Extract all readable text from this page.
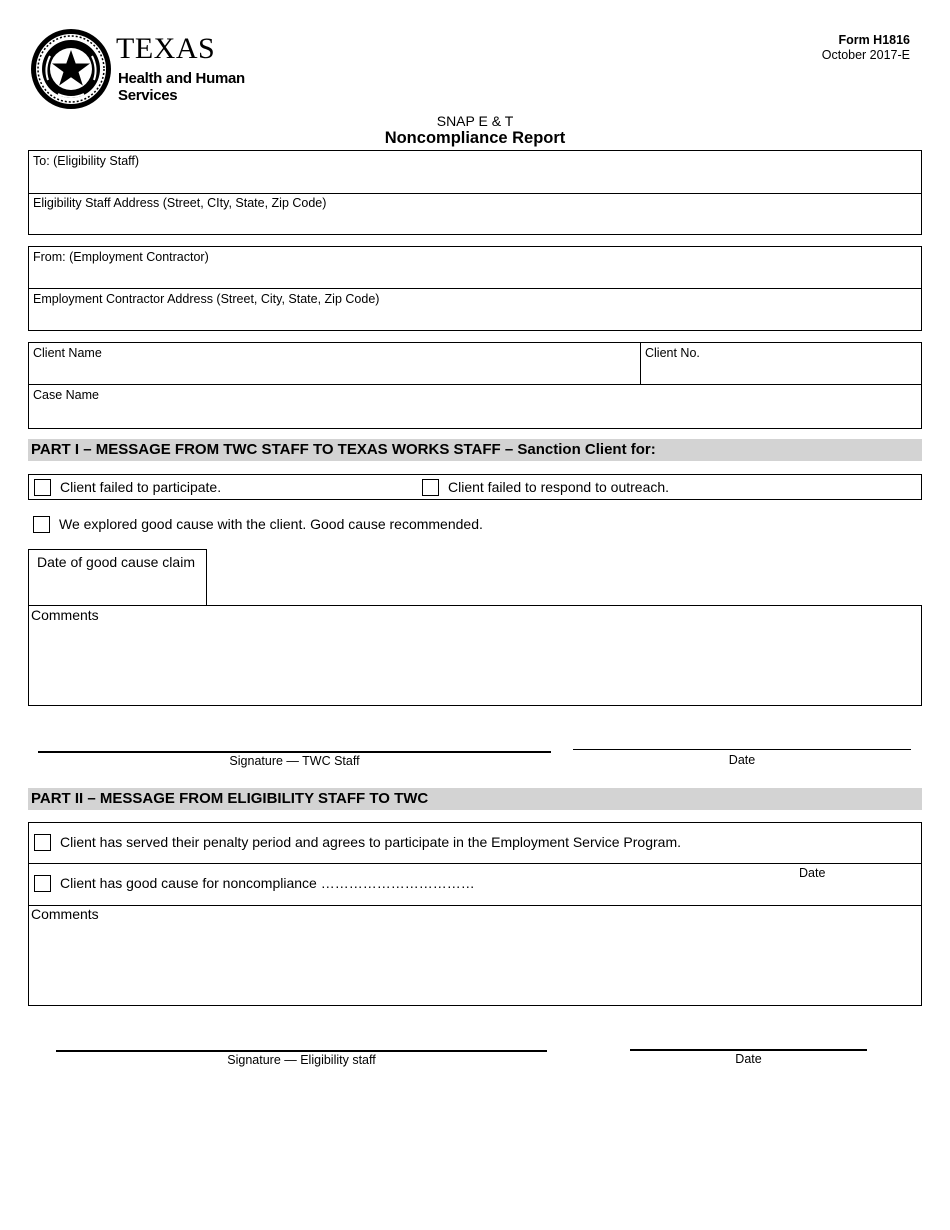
TEXAS
Health and Human
Services
Form H1816
October 2017-E
SNAP E & T
Noncompliance Report
To: (Eligibility Staff)
Eligibility Staff Address (Street, CIty, State, Zip Code)
From: (Employment Contractor)
Employment Contractor Address (Street, City, State, Zip Code)
Client Name	Client No.
Case Name
PART I – MESSAGE FROM TWC STAFF TO TEXAS WORKS STAFF – Sanction Client for:
Client failed to participate.	Client failed to respond to outreach.
We explored good cause with the client. Good cause recommended.
Date of good cause claim
Comments
Signature — TWC Staff	Date
PART II – MESSAGE FROM ELIGIBILITY STAFF TO TWC
Client has served their penalty period and agrees to participate in the Employment Service Program.
Client has good cause for noncompliance ……………………………
Date
Comments
Signature — Eligibility staff	Date
